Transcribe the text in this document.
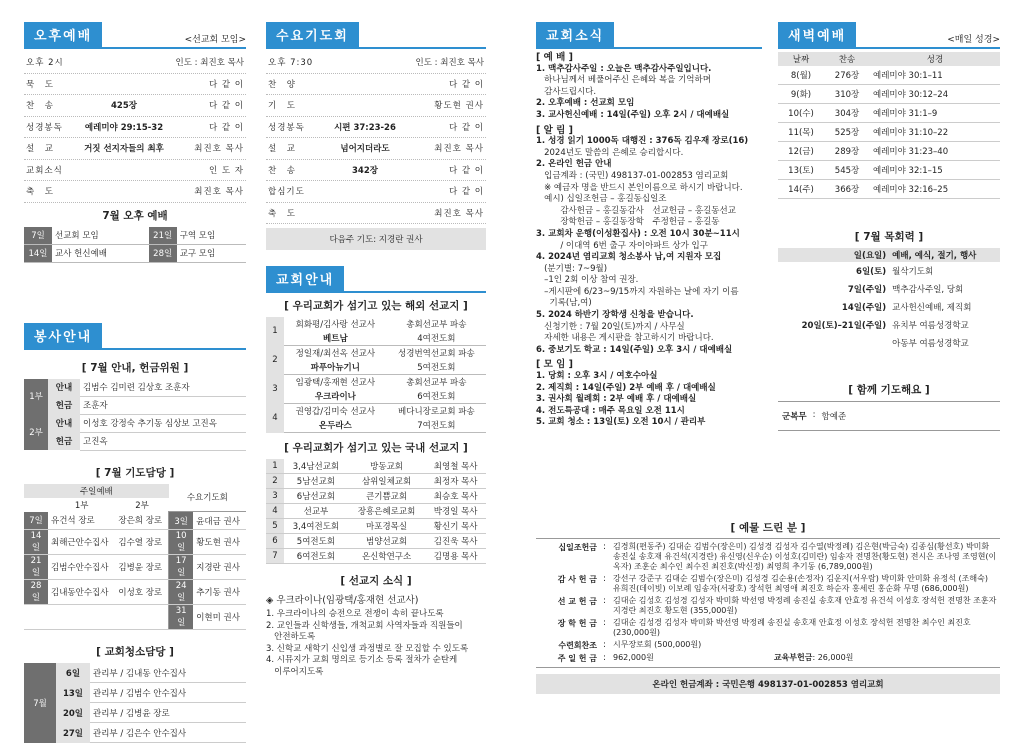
오후예배	<선교회 모임>
오후 2시	인도 : 최진호 목사
묵　도	다 같 이
찬　송	425장	다 같 이
성경봉독	예레미야 29:15-32	다 같 이
설　교	거짓 선지자들의 최후	최진호 목사
교회소식	인 도 자
축　도	최진호 목사
7월 오후 예배
7일	선교회 모임	21일	구역 모임
14일	교사 헌신예배	28일	교구 모임
봉사안내
[ 7월 안내, 헌금위원 ]
1부	안내	김범수 김미련 김상호 조훈자
	헌금	조훈자
2부	안내	이성호 강정숙 추기동 심상보 고진옥
	헌금	고진옥
[ 7월 기도담당 ]
주일예배			수요기도회	
	1부	2부		
7일	유건석 장로	장은희 장로	3일	윤대금 권사
14일	최해근안수집사	김수열 장로	10일	황도현 권사
21일	김범수안수집사	김병윤 장로	17일	지경란 권사
28일	김내동안수집사	이성호 장로	24일	추기동 권사
			31일	이현미 권사
[ 교회청소담당 ]
7월	6일	관리부 / 김내동 안수집사
	13일	관리부 / 김범수 안수집사
	20일	관리부 / 김병윤 장로
	27일	관리부 / 김은수 안수집사
수요기도회
오후 7:30	인도 : 최진호 목사
찬　양	다 같 이
기　도	황도현 권사
성경봉독	시편 37:23-26	다 같 이
설　교	넘어지더라도	최진호 목사
찬　송	342장	다 같 이
합심기도	다 같 이
축　도	최진호 목사
다음주 기도: 지경란 권사
교회안내
[ 우리교회가 섬기고 있는 해외 선교지 ]
1	회화평/김사랑 선교사	총회선교부 파송
	베트남	4여전도회
2	정일재/최선옥 선교사	성경번역선교회 파송
	파푸아뉴기니	5여전도회
3	임광택/홍재현 선교사	총회선교부 파송
	우크라이나	6여전도회
4	권영갑/김미숙 선교사	베다니장로교회 파송
	온두라스	7여전도회
[ 우리교회가 섬기고 있는 국내 선교지 ]
1	3,4남선교회	방동교회	최영철 목사
2	5남선교회	삼위일체교회	최정자 목사
3	6남선교회	큰기쁨교회	최승호 목사
4	선교부	장흥은혜로교회	박경일 목사
5	3,4여전도회	마포경목실	황신기 목사
6	5여전도회	범양선교회	김진욱 목사
7	6여전도회	온신학연구소	김명용 목사
[ 선교지 소식 ]
◈ 우크라이나(임광택/홍재현 선교사)
1. 우크라이나의 승전으로 전쟁이 속히 끝나도록
2. 교인들과 신학생들, 개척교회 사역자들과 직원들이
안전하도록
3. 신학교 새학기 신입생 과정별로 잘 모집할 수 있도록
4. 시뮤지가 교회 명의로 등기소 등록 절차가 순탄케
이루어지도록
교회소식

[ 예 배 ]

1. 맥추감사주일 : 오늘은 맥추감사주일입니다.

하나님께서 베풀어주신 은혜와 복을 기억하며

감사드립시다.

2. 오후예배 : 선교회 모임

3. 교사헌신예배 : 14일(주일) 오후 2시 / 대예배실

[ 알 림 ]

1. 성경 읽기 1000독 대행진 : 376독 김우재 장로(16)

2024년도 말씀의 은혜로 승리합시다.

2. 온라인 헌금 안내

입금계좌 : (국민) 498137-01-002853 염리교회

※ 예금자 명을 반드시 본인이름으로 하시기 바랍니다.

예시) 십일조헌금 – 홍길동십일조

감사헌금 – 홍길동감사　선교헌금 – 홍길동선교

장학헌금 – 홍길동장학　주정헌금 – 홍길동

3. 교회차 운행(이성환집사) : 오전 10시 30분~11시

/ 이대역 6번 출구 자이아파트 상가 입구

4. 2024년 염리교회 청소봉사 남,여 지원자 모집

(분기별: 7~9월)

–1인 2회 이상 참여 권장.

–게시판에 6/23~9/15까지 자원하는 날에 자기 이름

기록(남,여)

5. 2024 하반기 장학생 신청을 받습니다.

신청기한 : 7월 20일(토)까지 / 사무실

자세한 내용은 게시판을 참고하시기 바랍니다.

6. 중보기도 학교 : 14일(주일) 오후 3시 / 대예배실

[ 모 임 ]

1. 당회 : 오후 3시 / 여호수아실

2. 제직회 : 14일(주일) 2부 예배 후 / 대예배실

3. 권사회 월례회 : 2부 예배 후 / 대예배실

4. 전도특공대 : 매주 목요일 오전 11시

5. 교회 청소 : 13일(토) 오전 10시 / 관리부

새벽예배	<매일 성경>
날짜	찬송	성경
8(월)	276장	예레미야 30:1–11
9(화)	310장	예레미야 30:12–24
10(수)	304장	예레미야 31:1–9
11(목)	525장	예레미야 31:10–22
12(금)	289장	예레미야 31:23–40
13(토)	545장	예레미야 32:1–15
14(주)	366장	예레미야 32:16–25
[ 7월 목회력 ]
일(요일)	예배, 예식, 절기, 행사
6일(토)	월삭기도회
7일(주일)	맥추감사주일, 당회
14일(주일)	교사헌신예배, 제직회
20일(토)–21일(주일)	유치부 여름성경학교
	아동부 여름성경학교
[ 함께 기도해요 ]
군복무 : 함예준
[ 예물 드린 분 ]
십일조헌금	:	김경희(편동주) 김대순 김범수(장은미) 김성경 김성자 김수열(박정례) 김은현(박금숙) 김종심(황선호) 박미화 송진실 송호재 유건석(지경란) 유신영(신우순) 이성호(김미란) 임송자 전명찬(황도현) 전시은 조나영 조영현(이옥자) 조훈순 최수인 최수진 최진호(박신정) 최영희 추기동 (6,789,000원)
감 사 헌 금	:	강선구 강준구 김대순 김범수(장은미) 김성경 김순용(손정자) 김운지(서우람) 박미화 안미화 유정석 (조해숙) 유희진(데이빗) 이보례 임송자(서광호) 장석헌 최영애 최진호 하순자 홍세린 홍순화 무명 (686,000원)
선 교 헌 금	:	김대순 김성호 김성경 김성자 박미화 박선영 박정례 송진실 송호재 안효정 유건석 이성호 장석헌 전명찬 조훈자 지경란 최진호 황도현 (355,000원)
장 학 헌 금	:	김대순 김성경 김성자 박미화 박선영 박정례 송진실 송호재 안효정 이성호 장석헌 전명찬 최수인 최진호 (230,000원)
수련회찬조	:	시무장로회 (500,000원)
주 일 헌 금	:	962,000원 교육부헌금: 26,000원
온라인 헌금계좌 : 국민은행 498137-01-002853 염리교회
